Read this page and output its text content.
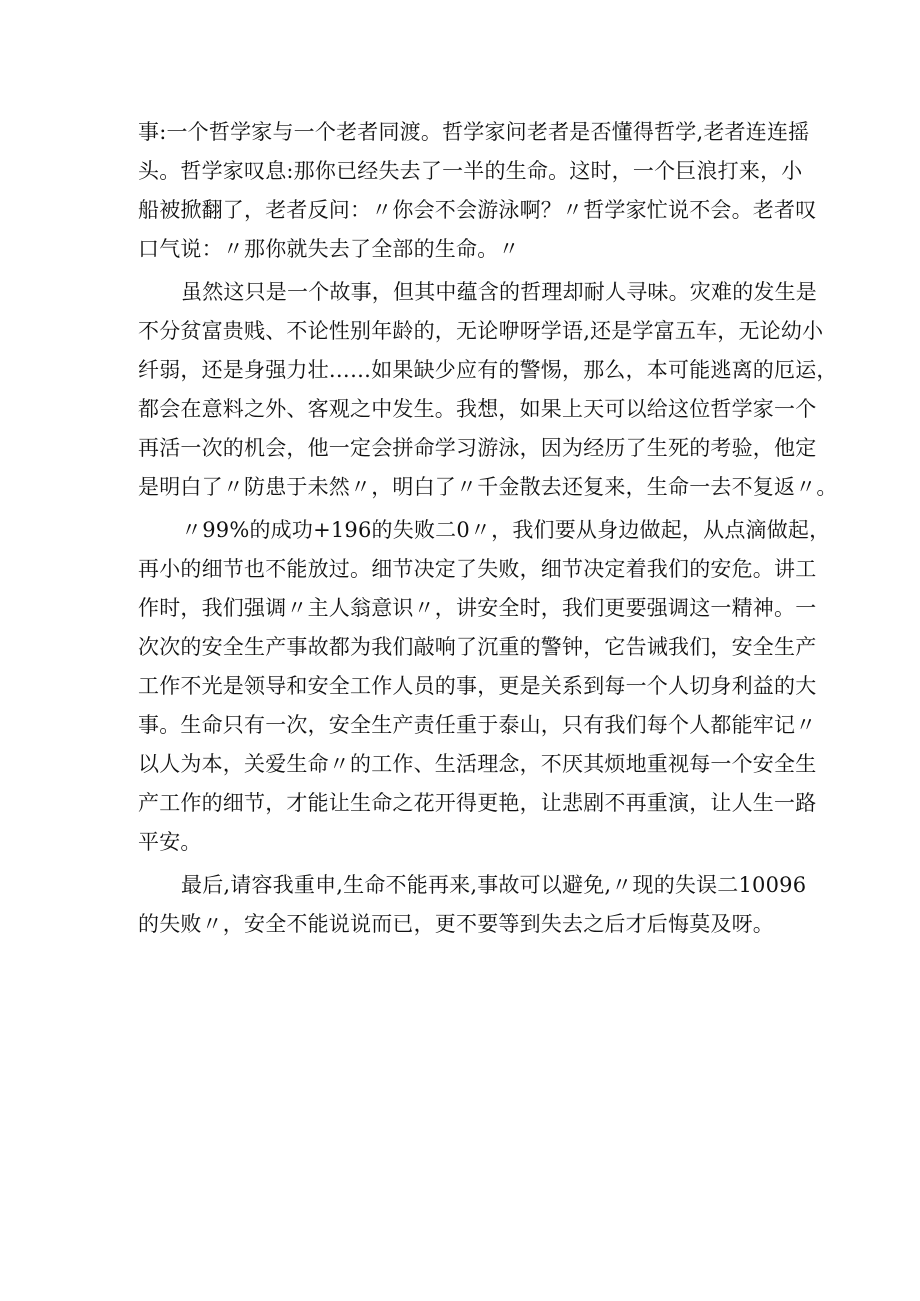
事:一个哲学家与一个老者同渡。哲学家问老者是否懂得哲学,老者连连摇
头。哲学家叹息:那你已经失去了一半的生命。这时，一个巨浪打来，小
船被掀翻了，老者反问：〃你会不会游泳啊？〃哲学家忙说不会。老者叹
口气说：〃那你就失去了全部的生命。〃
虽然这只是一个故事，但其中蕴含的哲理却耐人寻味。灾难的发生是
不分贫富贵贱、不论性别年龄的，无论咿呀学语,还是学富五车，无论幼小
纤弱，还是身强力壮……如果缺少应有的警惕，那么，本可能逃离的厄运，
都会在意料之外、客观之中发生。我想，如果上天可以给这位哲学家一个
再活一次的机会，他一定会拼命学习游泳，因为经历了生死的考验，他定
是明白了〃防患于未然〃，明白了〃千金散去还复来，生命一去不复返〃。
〃99%的成功+196的失败二0〃，我们要从身边做起，从点滴做起，
再小的细节也不能放过。细节决定了失败，细节决定着我们的安危。讲工
作时，我们强调〃主人翁意识〃，讲安全时，我们更要强调这一精神。一
次次的安全生产事故都为我们敲响了沉重的警钟，它告诫我们，安全生产
工作不光是领导和安全工作人员的事，更是关系到每一个人切身利益的大
事。生命只有一次，安全生产责任重于泰山，只有我们每个人都能牢记〃
以人为本，关爱生命〃的工作、生活理念，不厌其烦地重视每一个安全生
产工作的细节，才能让生命之花开得更艳，让悲剧不再重演，让人生一路
平安。
最后,请容我重申,生命不能再来,事故可以避免,〃现的失误二10096
的失败〃，安全不能说说而已，更不要等到失去之后才后悔莫及呀。
